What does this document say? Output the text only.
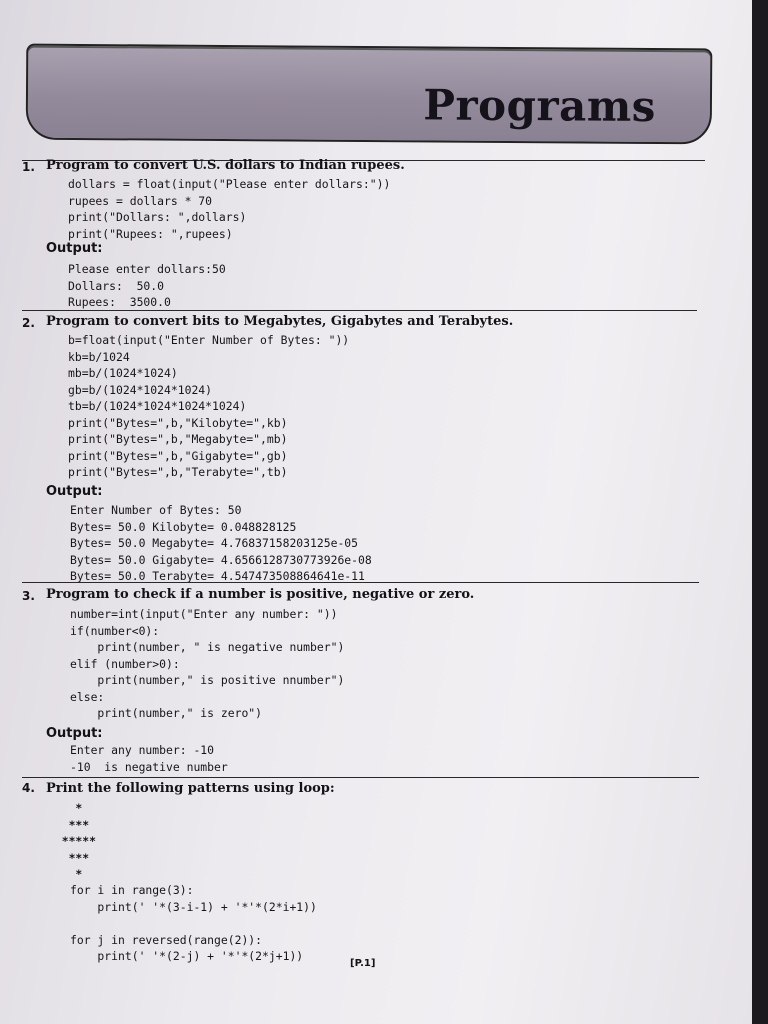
Programs
1. Program to convert U.S. dollars to Indian rupees.
dollars = float(input("Please enter dollars:"))
rupees = dollars * 70
print("Dollars: ",dollars)
print("Rupees: ",rupees)
Output:
Please enter dollars:50
Dollars:  50.0
Rupees:  3500.0
2. Program to convert bits to Megabytes, Gigabytes and Terabytes.
b=float(input("Enter Number of Bytes: "))
kb=b/1024
mb=b/(1024*1024)
gb=b/(1024*1024*1024)
tb=b/(1024*1024*1024*1024)
print("Bytes=",b,"Kilobyte=",kb)
print("Bytes=",b,"Megabyte=",mb)
print("Bytes=",b,"Gigabyte=",gb)
print("Bytes=",b,"Terabyte=",tb)
Output:
Enter Number of Bytes: 50
Bytes= 50.0 Kilobyte= 0.048828125
Bytes= 50.0 Megabyte= 4.76837158203125e-05
Bytes= 50.0 Gigabyte= 4.6566128730773926e-08
Bytes= 50.0 Terabyte= 4.547473508864641e-11
3. Program to check if a number is positive, negative or zero.
number=int(input("Enter any number: "))
if(number<0):
print(number, " is negative number")
elif (number>0):
print(number," is positive nnumber")
else:
print(number," is zero")
Output:
Enter any number: -10
-10  is negative number
4. Print the following patterns using loop:
*
***
*****
***
*
for i in range(3):
print(' '*(3-i-1) + '*'*(2*i+1))

for j in reversed(range(2)):
print(' '*(2-j) + '*'*(2*j+1))
[P.1]
